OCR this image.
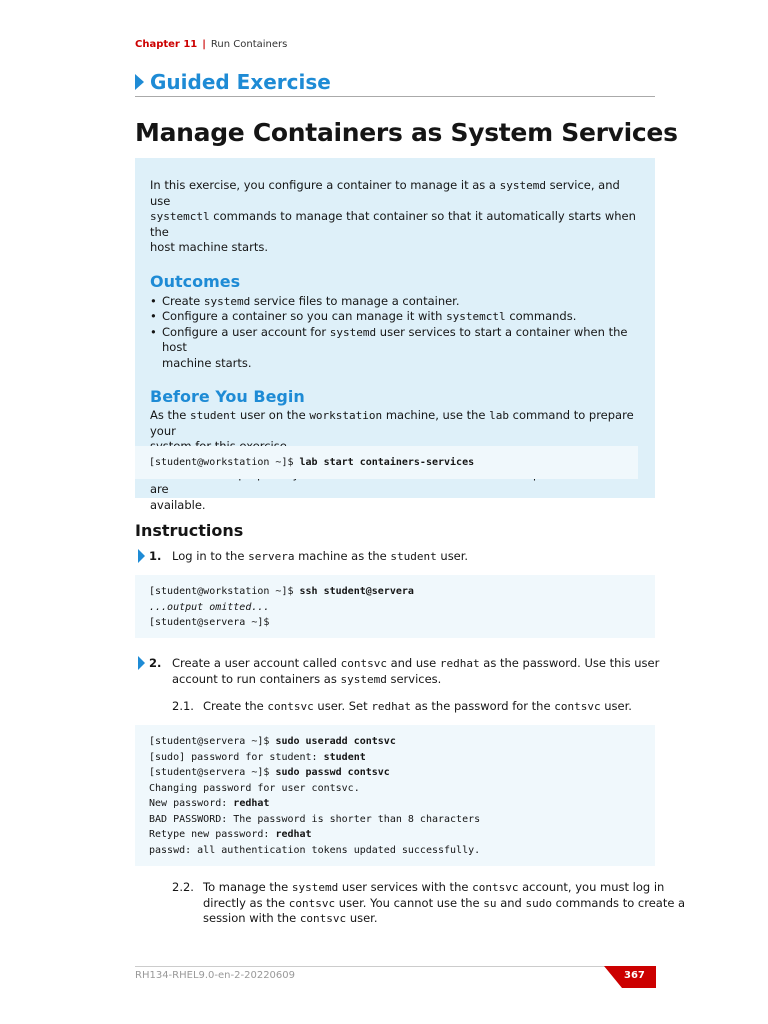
Chapter 11 | Run Containers
Guided Exercise
Manage Containers as System Services
In this exercise, you configure a container to manage it as a systemd service, and use
systemctl commands to manage that container so that it automatically starts when the
host machine starts.
Outcomes
• Create systemd service files to manage a container.
• Configure a container so you can manage it with systemctl commands.
• Configure a user account for systemd user services to start a container when the host
machine starts.
Before You Begin
As the student user on the workstation machine, use the lab command to prepare your

are
available.
[student@workstation ~]$ lab start containers-services
Instructions
1. Log in to the servera machine as the student user.
[student@workstation ~]$ ssh student@servera
...output omitted...
[student@servera ~]$
2. Create a user account called contsvc and use redhat as the password. Use this user
account to run containers as systemd services.
2.1. Create the contsvc user. Set redhat as the password for the contsvc user.
[student@servera ~]$ sudo useradd contsvc
[sudo] password for student: student
[student@servera ~]$ sudo passwd contsvc
Changing password for user contsvc.
New password: redhat
BAD PASSWORD: The password is shorter than 8 characters
Retype new password: redhat
passwd: all authentication tokens updated successfully.
2.2. To manage the systemd user services with the contsvc account, you must log in
directly as the contsvc user. You cannot use the su and sudo commands to create a
session with the contsvc user.
RH134-RHEL9.0-en-2-20220609	367
